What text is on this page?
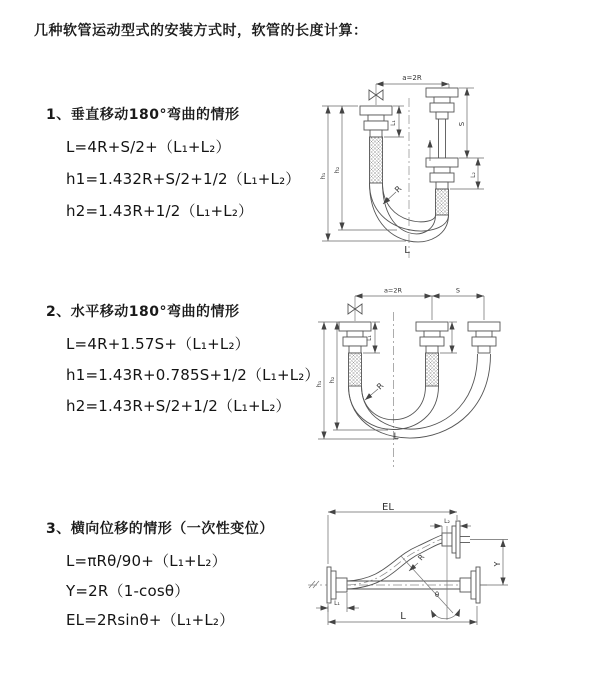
几种软管运动型式的安装方式时，软管的长度计算：
1、垂直移动180°弯曲的情形
L=4R+S/2+（L₁+L₂）
h1=1.432R+S/2+1/2（L₁+L₂）
h2=1.43R+1/2（L₁+L₂）
2、水平移动180°弯曲的情形
L=4R+1.57S+（L₁+L₂）
h1=1.43R+0.785S+1/2（L₁+L₂）
h2=1.43R+S/2+1/2（L₁+L₂）
3、横向位移的情形（一次性变位）
L=πRθ/90+（L₁+L₂）
Y=2R（1-cosθ）
EL=2Rsinθ+（L₁+L₂）
a=2R
R
h₁
h₂
L₁	S
L₂
L
a=2R	S
R
L₁
h₁
h₂
L
θ
R
EL
L₂
Y
L₁
L
